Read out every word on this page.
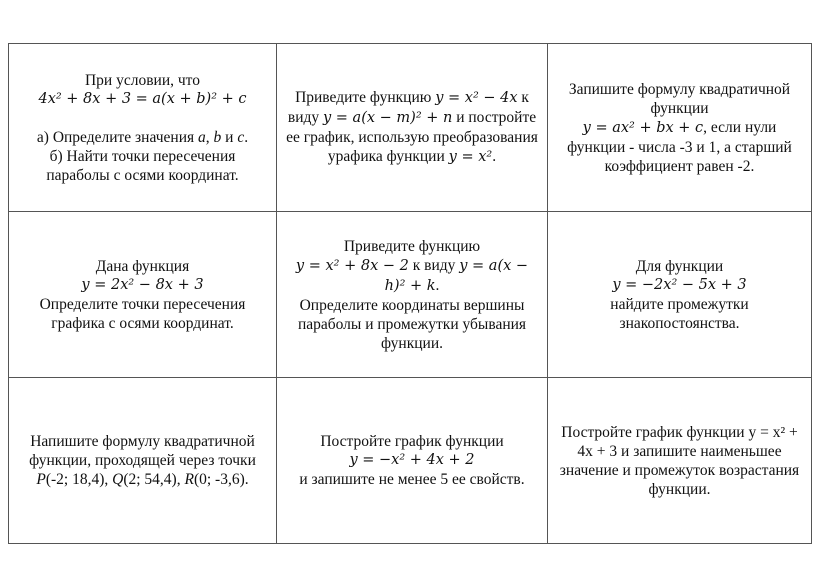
При условии, что
4𝑥² + 8𝑥 + 3 = 𝑎(𝑥 + 𝑏)² + 𝑐
а) Определите значения a, b и c.
б) Найти точки пересечения параболы с осями координат.	Приведите функцию 𝑦 = 𝑥² − 4𝑥 к виду 𝑦 = 𝑎(𝑥 − 𝑚)² + 𝑛 и постройте ее график, использую преобразования урафика функции 𝑦 = 𝑥².	Запишите формулу квадратичной функции
𝑦 = 𝑎𝑥² + 𝑏𝑥 + 𝑐, если нули функции - числа -3 и 1, а старший коэффициент равен -2.

Дана функция
𝑦 = 2𝑥² − 8𝑥 + 3
Определите точки пересечения графика с осями координат.	Приведите функцию
𝑦 = 𝑥² + 8𝑥 − 2 к виду 𝑦 = 𝑎(𝑥 − ℎ)² + 𝑘.
Определите координаты вершины параболы и промежутки убывания функции.	Для функции
𝑦 = −2𝑥² − 5𝑥 + 3
найдите промежутки знакопостоянства.

Напишите формулу квадратичной функции, проходящей через точки P(-2; 18,4), Q(2; 54,4), R(0; -3,6).	Постройте график функции
𝑦 = −𝑥² + 4𝑥 + 2
и запишите не менее 5 ее свойств.	Постройте график функции у = х² + 4х + 3 и запишите наименьшее значение и промежуток возрастания функции.
